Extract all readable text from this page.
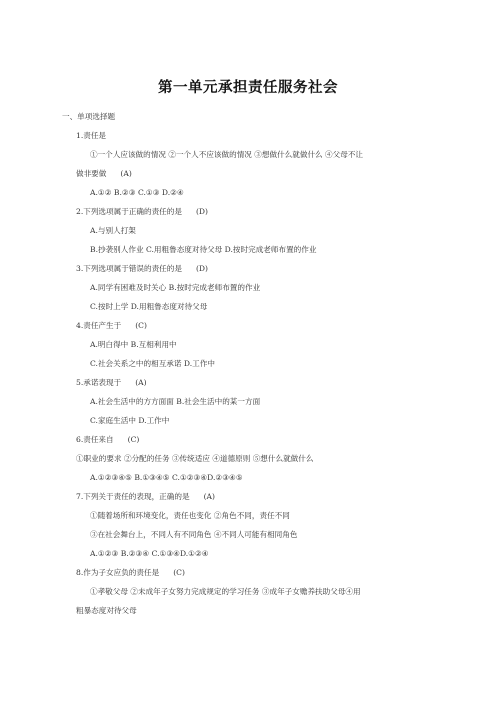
第一单元承担责任服务社会
一、单项选择题
1.责任是
①一个人应该做的情况 ②一个人不应该做的情况 ③想做什么就做什么 ④父母不让
做非要做 (A)
A.①② B.②③ C.①③ D.②④
2.下列选项属于正确的责任的是 (D)
A.与别人打架
B.抄袭别人作业 C.用粗鲁态度对待父母 D.按时完成老师布置的作业
3.下列选项属于错误的责任的是 (D)
A.同学有困难及时关心 B.按时完成老师布置的作业
C.按时上学 D.用粗鲁态度对待父母
4.责任产生于 (C)
A.明白得中 B.互相利用中
C.社会关系之中的相互承诺 D.工作中
5.承诺表现于 (A)
A.社会生活中的方方面面 B.社会生活中的某一方面
C.家庭生活中 D.工作中
6.责任来自 (C)
①职业的要求 ②分配的任务 ③传统适应 ④道德原则 ⑤想什么就做什么
A.①②③④⑤ B.①③④⑤ C.①②③④D.②③④⑤
7.下列关于责任的表现，正确的是 (A)
①随着场所和环境变化，责任也变化 ②角色不同，责任不同
③在社会舞台上，不同人有不同角色 ④不同人可能有相同角色
A.①②③ B.②③④ C.①③④D.①②④
8.作为子女应负的责任是 (C)
①孝敬父母 ②未成年子女努力完成规定的学习任务 ③成年子女赡养扶助父母④用
粗暴态度对待父母
